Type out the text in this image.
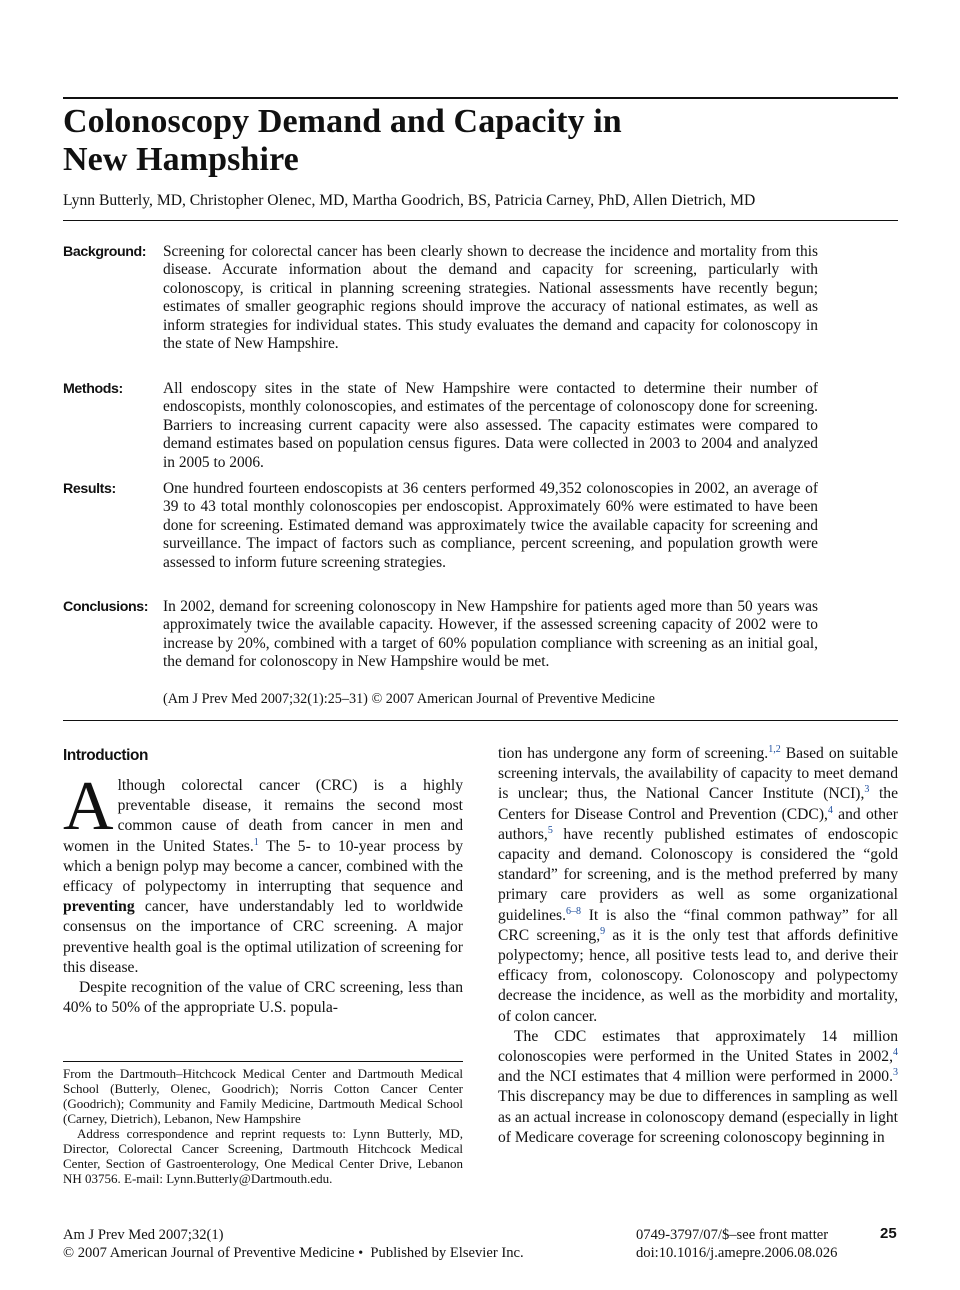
Colonoscopy Demand and Capacity in
New Hampshire
Lynn Butterly, MD, Christopher Olenec, MD, Martha Goodrich, BS, Patricia Carney, PhD, Allen Dietrich, MD
Background: Screening for colorectal cancer has been clearly shown to decrease the incidence and mortality from this disease. Accurate information about the demand and capacity for screening, particularly with colonoscopy, is critical in planning screening strategies. National assessments have recently begun; estimates of smaller geographic regions should improve the accuracy of national estimates, as well as inform strategies for individual states. This study evaluates the demand and capacity for colonoscopy in the state of New Hampshire.

Methods:	All endoscopy sites in the state of New Hampshire were contacted to determine their number of endoscopists, monthly colonoscopies, and estimates of the percentage of colonoscopy done for screening. Barriers to increasing current capacity were also assessed. The capacity estimates were compared to demand estimates based on population census figures. Data were collected in 2003 to 2004 and analyzed in 2005 to 2006.

Results:	One hundred fourteen endoscopists at 36 centers performed 49,352 colonoscopies in 2002, an average of 39 to 43 total monthly colonoscopies per endoscopist. Approximately 60% were estimated to have been done for screening. Estimated demand was approximately twice the available capacity for screening and surveillance. The impact of factors such as compliance, percent screening, and population growth were assessed to inform future screening strategies.

Conclusions: In 2002, demand for screening colonoscopy in New Hampshire for patients aged more than 50 years was approximately twice the available capacity. However, if the assessed screening capacity of 2002 were to increase by 20%, combined with a target of 60% population compliance with screening as an initial goal, the demand for colonoscopy in New Hampshire would be met.

(Am J Prev Med 2007;32(1):25–31) © 2007 American Journal of Preventive Medicine
Introduction

Although colorectal cancer (CRC) is a highly preventable disease, it remains the second most common cause of death from cancer in men and women in the United States.$^1$ The 5- to 10-year process by which a benign polyp may become a cancer, combined with the efficacy of polypectomy in interrupting that sequence and preventing cancer, have understandably led to worldwide consensus on the importance of CRC screening. A major preventive health goal is the optimal utilization of screening for this disease.

Despite recognition of the value of CRC screening, less than 40% to 50% of the appropriate U.S. popula-

tion has undergone any form of screening.$^{1,2}$ Based on suitable screening intervals, the availability of capacity to meet demand is unclear; thus, the National Cancer Institute (NCI),$^3$ the Centers for Disease Control and Prevention (CDC),$^4$ and other authors,$^5$ have recently published estimates of endoscopic capacity and demand. Colonoscopy is considered the “gold standard” for screening, and is the method preferred by many primary care providers as well as some organizational guidelines.$^{6-8}$ It is also the “final common pathway” for all CRC screening,$^9$ as it is the only test that affords definitive polypectomy; hence, all positive tests lead to, and derive their efficacy from, colonoscopy. Colonoscopy and polypectomy decrease the incidence, as well as the morbidity and mortality, of colon cancer.

The CDC estimates that approximately 14 million colonoscopies were performed in the United States in 2002,$^4$ and the NCI estimates that 4 million were performed in 2000.$^3$ This discrepancy may be due to differences in sampling as well as an actual increase in colonoscopy demand (especially in light of Medicare coverage for screening colonoscopy beginning in

From the Dartmouth–Hitchcock Medical Center and Dartmouth Medical School (Butterly, Olenec, Goodrich); Norris Cotton Cancer Center (Goodrich); Community and Family Medicine, Dartmouth Medical School (Carney, Dietrich), Lebanon, New Hampshire

Address correspondence and reprint requests to: Lynn Butterly, MD, Director, Colorectal Cancer Screening, Dartmouth Hitchcock Medical Center, Section of Gastroenterology, One Medical Center Drive, Lebanon NH 03756. E-mail: Lynn.Butterly@Dartmouth.edu.

Am J Prev Med 2007;32(1)
© 2007 American Journal of Preventive Medicine • Published by Elsevier Inc.
0749-3797/07/$–see front matter
doi:10.1016/j.amepre.2006.08.026
25
